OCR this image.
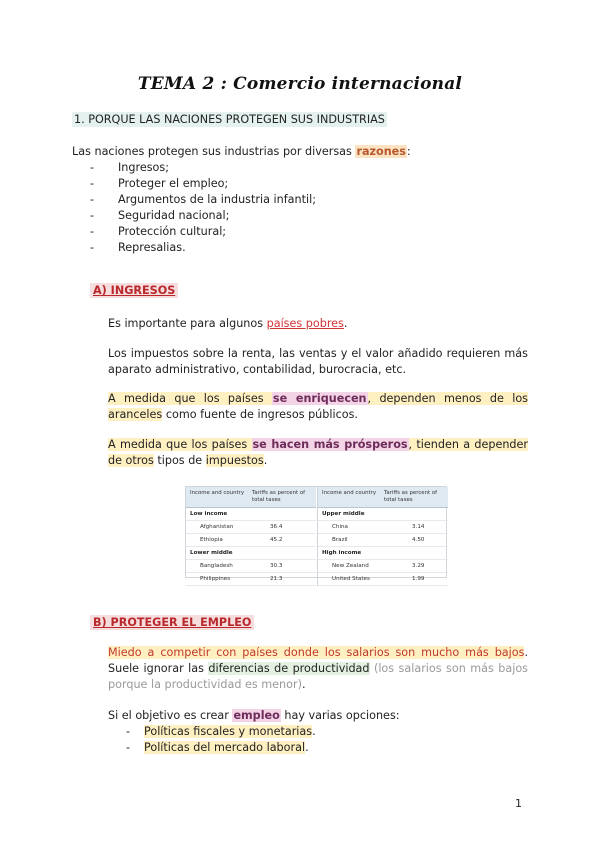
TEMA 2 : Comercio internacional
1. PORQUE LAS NACIONES PROTEGEN SUS INDUSTRIAS
Las naciones protegen sus industrias por diversas razones:
- Ingresos;
- Proteger el empleo;
- Argumentos de la industria infantil;
- Seguridad nacional;
- Protección cultural;
- Represalias.
A) INGRESOS
Es importante para algunos países pobres.
Los impuestos sobre la renta, las ventas y el valor añadido requieren más
aparato administrativo, contabilidad, burocracia, etc.
A medida que los países se enriquecen, dependen menos de los
aranceles como fuente de ingresos públicos.
A medida que los países se hacen más prósperos, tienden a depender
de otros tipos de impuestos.
Income and country Tariffs as percent of total taxes
Low income
Afghanistan	36.4
Ethiopia	45.2
Lower middle
Bangladesh	30.3
Philippines	21.3
Income and country Tariffs as percent of total taxes
Upper middle
China	3.14
Brazil	4.50
High income
New Zealand	3.29
United States	1.99
B) PROTEGER EL EMPLEO
Miedo a competir con países donde los salarios son mucho más bajos.
Suele ignorar las diferencias de productividad (los salarios son más bajos
porque la productividad es menor).
Si el objetivo es crear empleo hay varias opciones:
- Políticas fiscales y monetarias.
- Políticas del mercado laboral.
1
